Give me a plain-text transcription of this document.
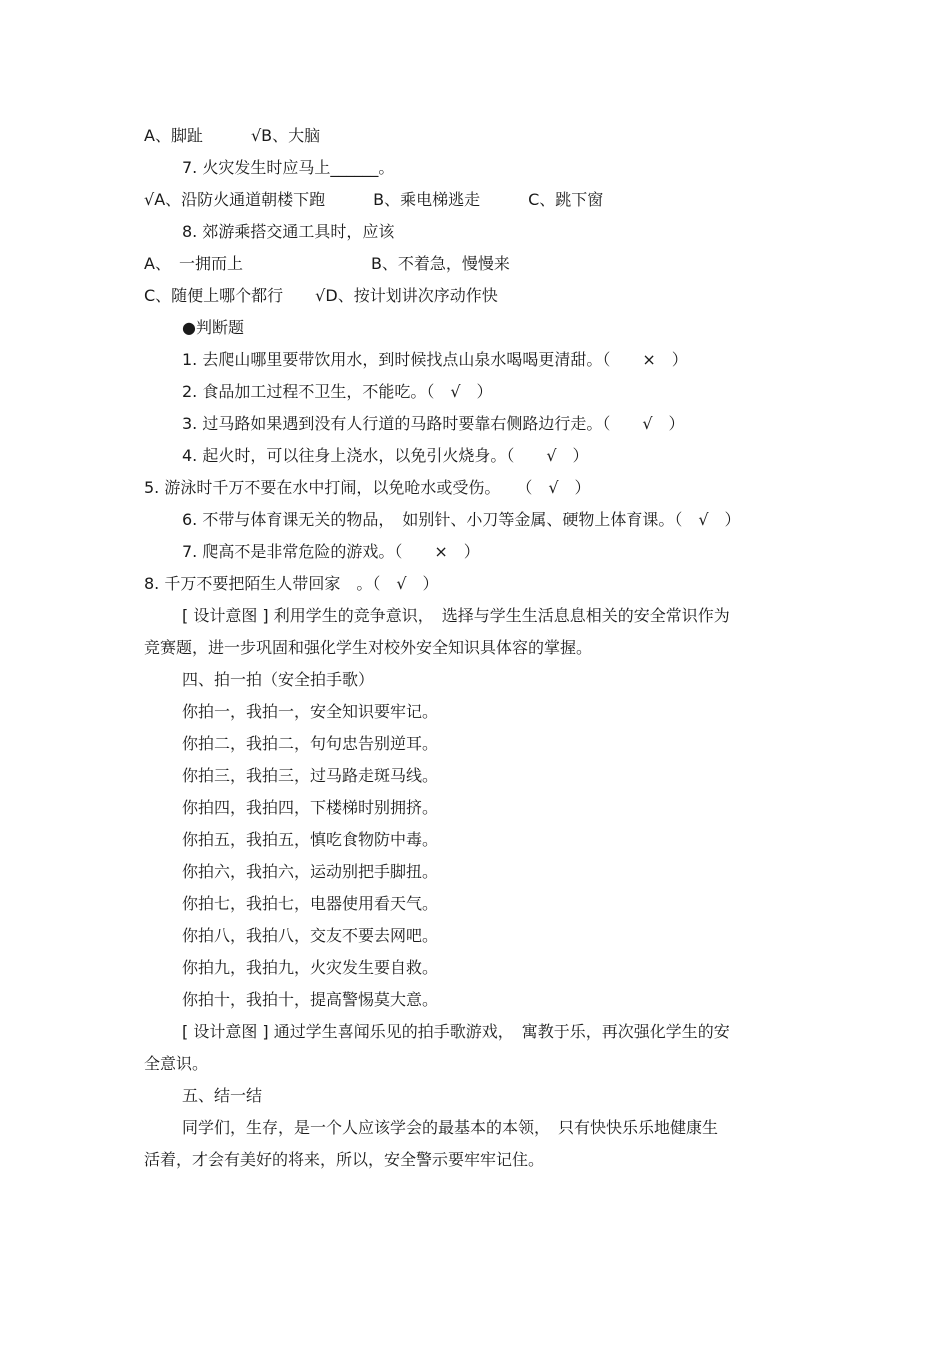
A、脚趾　　　√B、大脑
7. 火灾发生时应马上______。
√A、沿防火通道朝楼下跑　　　B、乘电梯逃走　　　C、跳下窗
8. 郊游乘搭交通工具时，应该
A、　一拥而上　　　　　　　　B、不着急，慢慢来
C、随便上哪个都行　　√D、按计划讲次序动作快
●判断题
1. 去爬山哪里要带饮用水，到时候找点山泉水喝喝更清甜。（　　×　）
2. 食品加工过程不卫生，不能吃。（　√　）
3. 过马路如果遇到没有人行道的马路时要靠右侧路边行走。（　　√　）
4. 起火时，可以往身上浇水，以免引火烧身。（　　√　）
5. 游泳时千万不要在水中打闹，以免呛水或受伤。　　（　√　）
6. 不带与体育课无关的物品，　如别针、小刀等金属、硬物上体育课。（　√　）
7. 爬高不是非常危险的游戏。（　　×　）
8. 千万不要把陌生人带回家　。（　√　）
[ 设计意图 ] 利用学生的竞争意识，　选择与学生生活息息相关的安全常识作为
竞赛题，进一步巩固和强化学生对校外安全知识具体容的掌握。
四、拍一拍（安全拍手歌）
你拍一，我拍一，安全知识要牢记。
你拍二，我拍二，句句忠告别逆耳。
你拍三，我拍三，过马路走斑马线。
你拍四，我拍四，下楼梯时别拥挤。
你拍五，我拍五，慎吃食物防中毒。
你拍六，我拍六，运动别把手脚扭。
你拍七，我拍七，电器使用看天气。
你拍八，我拍八，交友不要去网吧。
你拍九，我拍九，火灾发生要自救。
你拍十，我拍十，提高警惕莫大意。
[ 设计意图 ] 通过学生喜闻乐见的拍手歌游戏，　寓教于乐，再次强化学生的安
全意识。
五、结一结
同学们，生存，是一个人应该学会的最基本的本领，　只有快快乐乐地健康生
活着，才会有美好的将来，所以，安全警示要牢牢记住。
